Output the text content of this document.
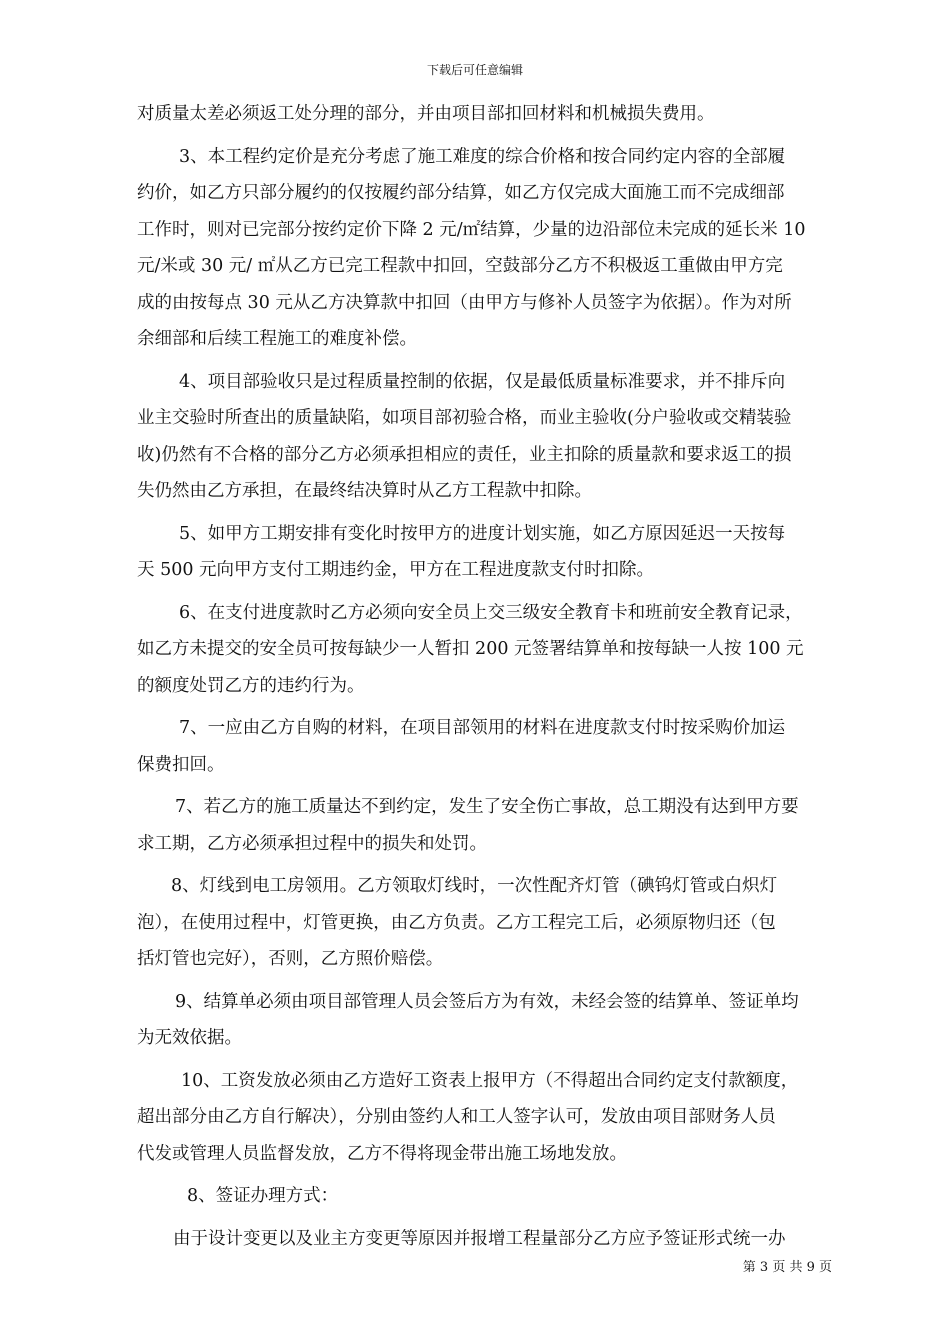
下载后可任意编辑
对质量太差必须返工处分理的部分，并由项目部扣回材料和机械损失费用。
3、本工程约定价是充分考虑了施工难度的综合价格和按合同约定内容的全部履
约价，如乙方只部分履约的仅按履约部分结算，如乙方仅完成大面施工而不完成细部
工作时，则对已完部分按约定价下降 2 元/㎡结算，少量的边沿部位未完成的延长米 10
元/米或 30 元/ ㎡从乙方已完工程款中扣回，空鼓部分乙方不积极返工重做由甲方完
成的由按每点 30 元从乙方决算款中扣回（由甲方与修补人员签字为依据）。作为对所
余细部和后续工程施工的难度补偿。
4、项目部验收只是过程质量控制的依据，仅是最低质量标准要求，并不排斥向
业主交验时所查出的质量缺陷，如项目部初验合格，而业主验收(分户验收或交精装验
收)仍然有不合格的部分乙方必须承担相应的责任，业主扣除的质量款和要求返工的损
失仍然由乙方承担，在最终结决算时从乙方工程款中扣除。
5、如甲方工期安排有变化时按甲方的进度计划实施，如乙方原因延迟一天按每
天 500 元向甲方支付工期违约金，甲方在工程进度款支付时扣除。
6、在支付进度款时乙方必须向安全员上交三级安全教育卡和班前安全教育记录，
如乙方未提交的安全员可按每缺少一人暂扣 200 元签署结算单和按每缺一人按 100 元
的额度处罚乙方的违约行为。
7、一应由乙方自购的材料，在项目部领用的材料在进度款支付时按采购价加运
保费扣回。
7、若乙方的施工质量达不到约定，发生了安全伤亡事故，总工期没有达到甲方要
求工期，乙方必须承担过程中的损失和处罚。
8、灯线到电工房领用。乙方领取灯线时，一次性配齐灯管（碘钨灯管或白炽灯
泡），在使用过程中，灯管更换，由乙方负责。乙方工程完工后，必须原物归还（包
括灯管也完好），否则，乙方照价赔偿。
9、结算单必须由项目部管理人员会签后方为有效，未经会签的结算单、签证单均
为无效依据。
10、工资发放必须由乙方造好工资表上报甲方（不得超出合同约定支付款额度，
超出部分由乙方自行解决），分别由签约人和工人签字认可，发放由项目部财务人员
代发或管理人员监督发放，乙方不得将现金带出施工场地发放。
8、签证办理方式：
由于设计变更以及业主方变更等原因并报增工程量部分乙方应予签证形式统一办
第 3 页 共 9 页
